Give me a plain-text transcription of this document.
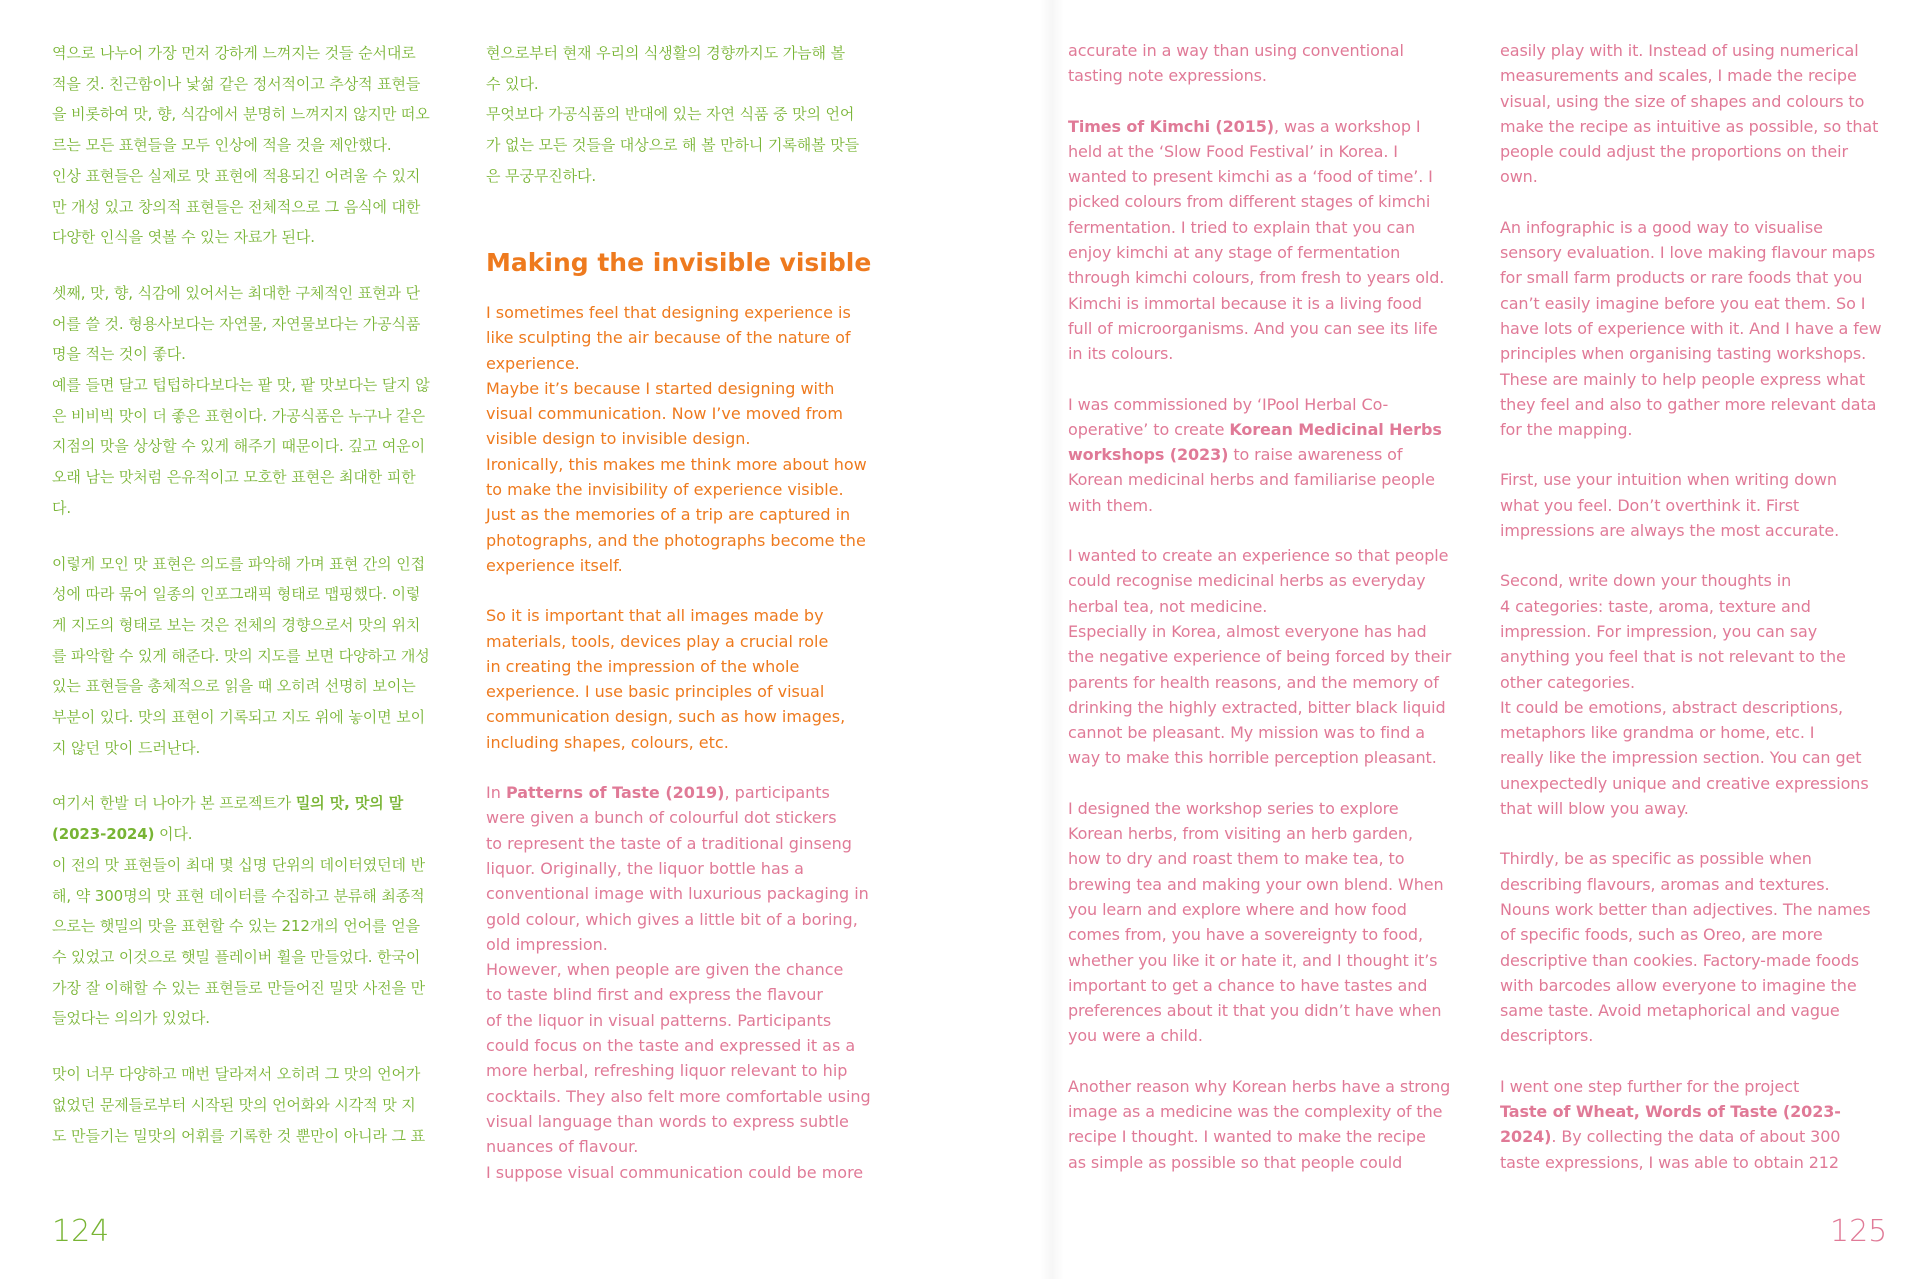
역으로 나누어 가장 먼저 강하게 느껴지는 것들 순서대로
적을 것. 친근함이나 낯섦 같은 정서적이고 추상적 표현들
을 비롯하여 맛, 향, 식감에서 분명히 느껴지지 않지만 떠오
르는 모든 표현들을 모두 인상에 적을 것을 제안했다.
인상 표현들은 실제로 맛 표현에 적용되긴 어려울 수 있지
만 개성 있고 창의적 표현들은 전체적으로 그 음식에 대한
다양한 인식을 엿볼 수 있는 자료가 된다.

셋째, 맛, 향, 식감에 있어서는 최대한 구체적인 표현과 단
어를 쓸 것. 형용사보다는 자연물, 자연물보다는 가공식품
명을 적는 것이 좋다.
예를 들면 달고 텁텁하다보다는 팥 맛, 팥 맛보다는 달지 않
은 비비빅 맛이 더 좋은 표현이다. 가공식품은 누구나 같은
지점의 맛을 상상할 수 있게 해주기 때문이다. 깊고 여운이
오래 남는 맛처럼 은유적이고 모호한 표현은 최대한 피한
다.

이렇게 모인 맛 표현은 의도를 파악해 가며 표현 간의 인접
성에 따라 묶어 일종의 인포그래픽 형태로 맵핑했다. 이렇
게 지도의 형태로 보는 것은 전체의 경향으로서 맛의 위치
를 파악할 수 있게 해준다. 맛의 지도를 보면 다양하고 개성
있는 표현들을 총체적으로 읽을 때 오히려 선명히 보이는
부분이 있다. 맛의 표현이 기록되고 지도 위에 놓이면 보이
지 않던 맛이 드러난다.

여기서 한발 더 나아가 본 프로젝트가 밀의 맛, 맛의 말
(2023-2024) 이다.
이 전의 맛 표현들이 최대 몇 십명 단위의 데이터였던데 반
해, 약 300명의 맛 표현 데이터를 수집하고 분류해 최종적
으로는 햇밀의 맛을 표현할 수 있는 212개의 언어를 얻을
수 있었고 이것으로 햇밀 플레이버 휠을 만들었다. 한국이
가장 잘 이해할 수 있는 표현들로 만들어진 밀맛 사전을 만
들었다는 의의가 있었다.

맛이 너무 다양하고 매번 달라져서 오히려 그 맛의 언어가
없었던 문제들로부터 시작된 맛의 언어화와 시각적 맛 지
도 만들기는 밀맛의 어휘를 기록한 것 뿐만이 아니라 그 표

현으로부터 현재 우리의 식생활의 경향까지도 가늠해 볼
수 있다.
무엇보다 가공식품의 반대에 있는 자연 식품 중 맛의 언어
가 없는 모든 것들을 대상으로 해 볼 만하니 기록해볼 맛들
은 무궁무진하다.

Making the invisible visible

I sometimes feel that designing experience is
like sculpting the air because of the nature of
experience.
Maybe it’s because I started designing with
visual communication. Now I’ve moved from
visible design to invisible design.
Ironically, this makes me think more about how
to make the invisibility of experience visible.
Just as the memories of a trip are captured in
photographs, and the photographs become the
experience itself.

So it is important that all images made by
materials, tools, devices play a crucial role
in creating the impression of the whole
experience. I use basic principles of visual
communication design, such as how images,
including shapes, colours, etc.

In Patterns of Taste (2019), participants
were given a bunch of colourful dot stickers
to represent the taste of a traditional ginseng
liquor. Originally, the liquor bottle has a
conventional image with luxurious packaging in
gold colour, which gives a little bit of a boring,
old impression.
However, when people are given the chance
to taste blind first and express the flavour
of the liquor in visual patterns. Participants
could focus on the taste and expressed it as a
more herbal, refreshing liquor relevant to hip
cocktails. They also felt more comfortable using
visual language than words to express subtle
nuances of flavour.
I suppose visual communication could be more

124

accurate in a way than using conventional
tasting note expressions.

Times of Kimchi (2015), was a workshop I
held at the ‘Slow Food Festival’ in Korea. I
wanted to present kimchi as a ‘food of time’. I
picked colours from different stages of kimchi
fermentation. I tried to explain that you can
enjoy kimchi at any stage of fermentation
through kimchi colours, from fresh to years old.
Kimchi is immortal because it is a living food
full of microorganisms. And you can see its life
in its colours.

I was commissioned by ‘IPool Herbal Co-
operative’ to create Korean Medicinal Herbs
workshops (2023) to raise awareness of
Korean medicinal herbs and familiarise people
with them.

I wanted to create an experience so that people
could recognise medicinal herbs as everyday
herbal tea, not medicine.
Especially in Korea, almost everyone has had
the negative experience of being forced by their
parents for health reasons, and the memory of
drinking the highly extracted, bitter black liquid
cannot be pleasant. My mission was to find a
way to make this horrible perception pleasant.

I designed the workshop series to explore
Korean herbs, from visiting an herb garden,
how to dry and roast them to make tea, to
brewing tea and making your own blend. When
you learn and explore where and how food
comes from, you have a sovereignty to food,
whether you like it or hate it, and I thought it’s
important to get a chance to have tastes and
preferences about it that you didn’t have when
you were a child.

Another reason why Korean herbs have a strong
image as a medicine was the complexity of the
recipe I thought. I wanted to make the recipe
as simple as possible so that people could

easily play with it. Instead of using numerical
measurements and scales, I made the recipe
visual, using the size of shapes and colours to
make the recipe as intuitive as possible, so that
people could adjust the proportions on their
own.

An infographic is a good way to visualise
sensory evaluation. I love making flavour maps
for small farm products or rare foods that you
can’t easily imagine before you eat them. So I
have lots of experience with it. And I have a few
principles when organising tasting workshops.
These are mainly to help people express what
they feel and also to gather more relevant data
for the mapping.

First, use your intuition when writing down
what you feel. Don’t overthink it. First
impressions are always the most accurate.

Second, write down your thoughts in
4 categories: taste, aroma, texture and
impression. For impression, you can say
anything you feel that is not relevant to the
other categories.
It could be emotions, abstract descriptions,
metaphors like grandma or home, etc. I
really like the impression section. You can get
unexpectedly unique and creative expressions
that will blow you away.

Thirdly, be as specific as possible when
describing flavours, aromas and textures.
Nouns work better than adjectives. The names
of specific foods, such as Oreo, are more
descriptive than cookies. Factory-made foods
with barcodes allow everyone to imagine the
same taste. Avoid metaphorical and vague
descriptors.

I went one step further for the project
Taste of Wheat, Words of Taste (2023-
2024). By collecting the data of about 300
taste expressions, I was able to obtain 212

125
